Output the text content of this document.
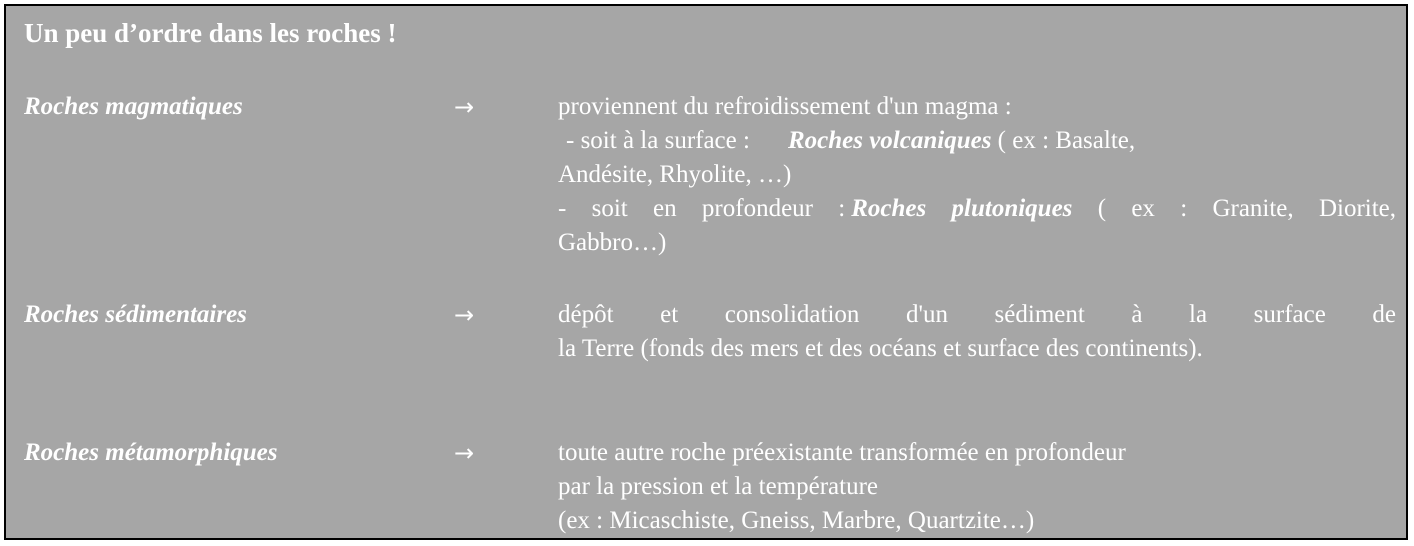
Un peu d’ordre dans les roches !
Roches magmatiques	→	proviennent du refroidissement d'un magma :
- soit à la surface : Roches volcaniques ( ex : Basalte,
Andésite, Rhyolite, …)
- soit en profondeur : Roches plutoniques ( ex : Granite, Diorite,
Gabbro…)
Roches sédimentaires	→	dépôt et consolidation d'un sédiment à la surface de
la Terre (fonds des mers et des océans et surface des continents).
Roches métamorphiques	→	toute autre roche préexistante transformée en profondeur
par la pression et la température
(ex : Micaschiste, Gneiss, Marbre, Quartzite…)
